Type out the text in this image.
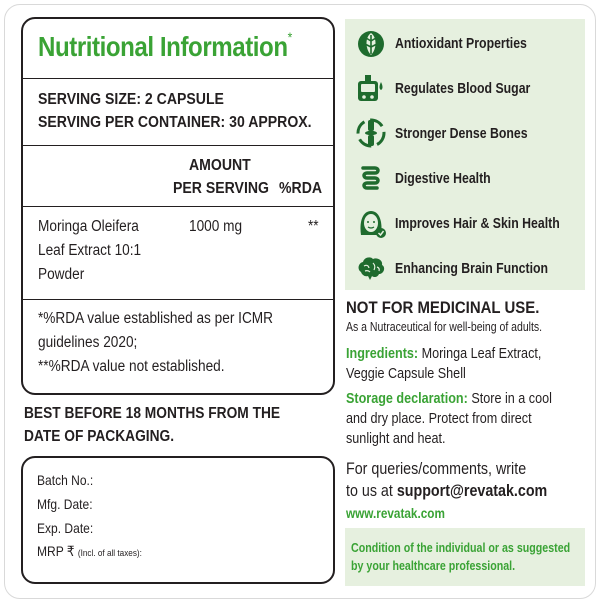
Nutritional Information*
SERVING SIZE: 2 CAPSULE
SERVING PER CONTAINER: 30 APPROX.
AMOUNT
PER SERVING %RDA
Moringa Oleifera
Leaf Extract 10:1
Powder
1000 mg	**
*%RDA value established as per ICMR
guidelines 2020;
**%RDA value not established.
BEST BEFORE 18 MONTHS FROM THE
DATE OF PACKAGING.
Batch No.:
Mfg. Date:
Exp. Date:
MRP ₹ (Incl. of all taxes):
Antioxidant Properties
Regulates Blood Sugar
Stronger Dense Bones
Digestive Health
Improves Hair & Skin Health
Enhancing Brain Function
NOT FOR MEDICINAL USE.
As a Nutraceutical for well-being of adults.
Ingredients: Moringa Leaf Extract,
Veggie Capsule Shell
Storage declaration: Store in a cool
and dry place. Protect from direct
sunlight and heat.
For queries/comments, write
to us at support@revatak.com
www.revatak.com
Condition of the individual or as suggested
by your healthcare professional.
